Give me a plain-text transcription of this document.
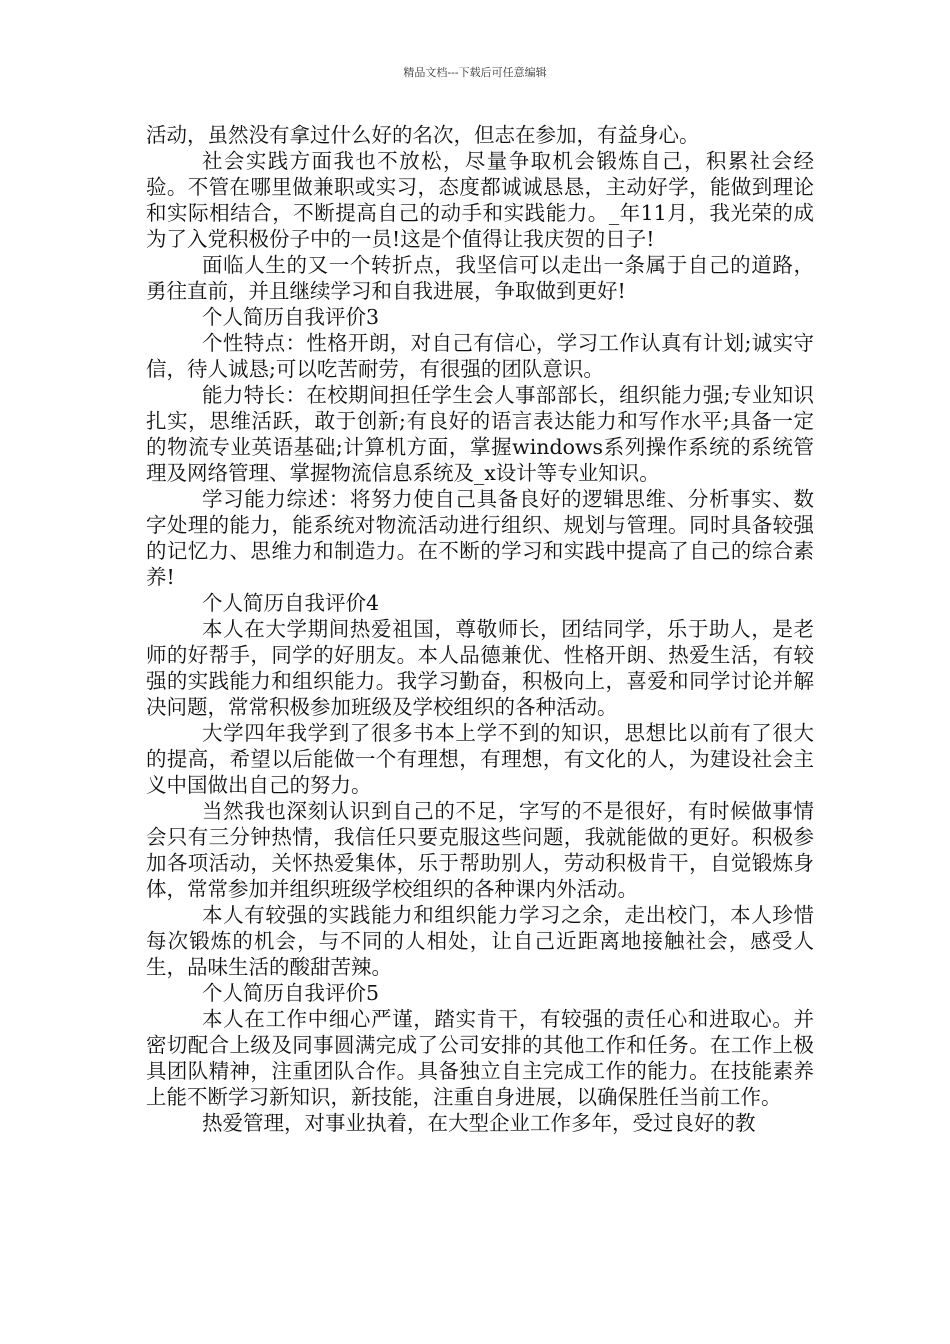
精品文档---下载后可任意编辑

活动，虽然没有拿过什么好的名次，但志在参加，有益身心。

社会实践方面我也不放松，尽量争取机会锻炼自己，积累社会经验。不管在哪里做兼职或实习，态度都诚诚恳恳，主动好学，能做到理论和实际相结合，不断提高自己的动手和实践能力。_年11月，我光荣的成为了入党积极份子中的一员!这是个值得让我庆贺的日子!

面临人生的又一个转折点，我坚信可以走出一条属于自己的道路，勇往直前，并且继续学习和自我进展，争取做到更好!

个人简历自我评价3

个性特点：性格开朗，对自己有信心，学习工作认真有计划;诚实守信，待人诚恳;可以吃苦耐劳，有很强的团队意识。

能力特长：在校期间担任学生会人事部部长，组织能力强;专业知识扎实，思维活跃，敢于创新;有良好的语言表达能力和写作水平;具备一定的物流专业英语基础;计算机方面，掌握windows系列操作系统的系统管理及网络管理、掌握物流信息系统及_x设计等专业知识。

学习能力综述：将努力使自己具备良好的逻辑思维、分析事实、数字处理的能力，能系统对物流活动进行组织、规划与管理。同时具备较强的记忆力、思维力和制造力。在不断的学习和实践中提高了自己的综合素养!

个人简历自我评价4

本人在大学期间热爱祖国，尊敬师长，团结同学，乐于助人，是老师的好帮手，同学的好朋友。本人品德兼优、性格开朗、热爱生活，有较强的实践能力和组织能力。我学习勤奋，积极向上，喜爱和同学讨论并解决问题，常常积极参加班级及学校组织的各种活动。

大学四年我学到了很多书本上学不到的知识，思想比以前有了很大的提高，希望以后能做一个有理想，有理想，有文化的人，为建设社会主义中国做出自己的努力。

当然我也深刻认识到自己的不足，字写的不是很好，有时候做事情会只有三分钟热情，我信任只要克服这些问题，我就能做的更好。积极参加各项活动，关怀热爱集体，乐于帮助别人，劳动积极肯干，自觉锻炼身体，常常参加并组织班级学校组织的各种课内外活动。

本人有较强的实践能力和组织能力学习之余，走出校门，本人珍惜每次锻炼的机会，与不同的人相处，让自己近距离地接触社会，感受人生，品味生活的酸甜苦辣。

个人简历自我评价5

本人在工作中细心严谨，踏实肯干，有较强的责任心和进取心。并密切配合上级及同事圆满完成了公司安排的其他工作和任务。在工作上极具团队精神，注重团队合作。具备独立自主完成工作的能力。在技能素养上能不断学习新知识，新技能，注重自身进展，以确保胜任当前工作。

热爱管理，对事业执着，在大型企业工作多年，受过良好的教
